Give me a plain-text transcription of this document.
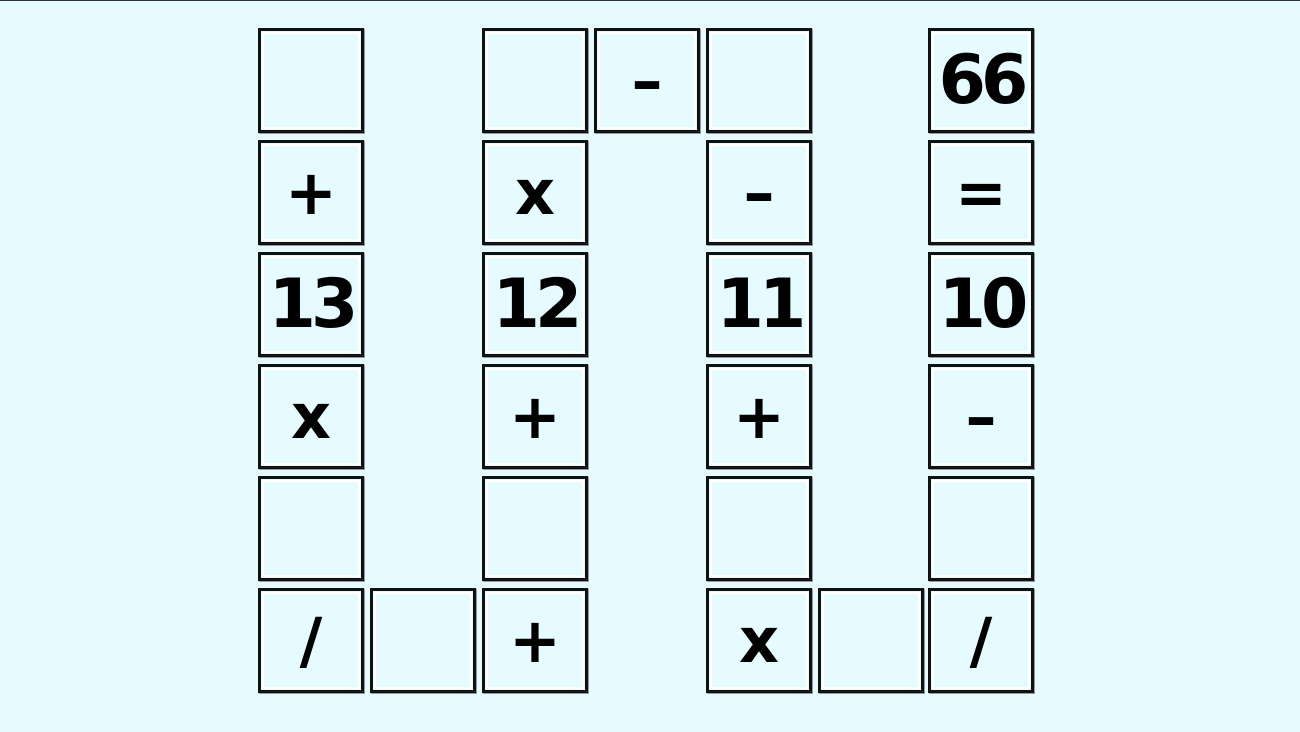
+
13
x
/	+
+
12
x
–
–
11
+
x	/
–
10
=
66
